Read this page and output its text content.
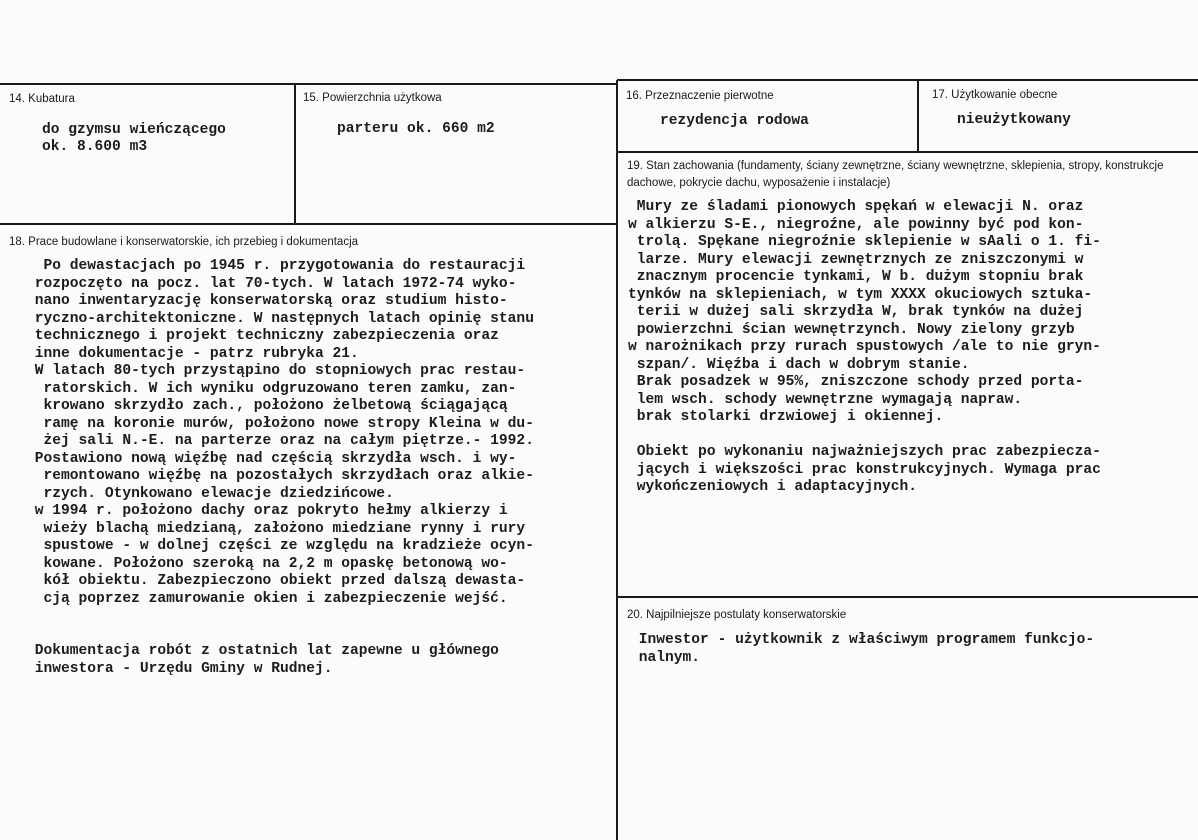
14. Kubatura
do gzymsu wieńczącego
ok. 8.600 m3
15. Powierzchnia użytkowa
parteru ok. 660 m2
16. Przeznaczenie pierwotne
rezydencja rodowa
17. Użytkowanie obecne
nieużytkowany
19. Stan zachowania (fundamenty, ściany zewnętrzne, ściany wewnętrzne, sklepienia, stropy, konstrukcje dachowe, pokrycie dachu, wyposażenie i instalacje)
Mury ze śladami pionowych spękań w elewacji N. oraz
w alkierzu S-E., niegroźne, ale powinny być pod kon-
trolą. Spękane niegroźnie sklepienie w sAali o 1. fi-
larze. Mury elewacji zewnętrznych ze zniszczonymi w
znacznym procencie tynkami, W b. dużym stopniu brak
tynków na sklepieniach, w tym XXXX okuciowych sztuka-
terii w dużej sali skrzydła W, brak tynków na dużej
powierzchni ścian wewnętrzynch. Nowy zielony grzyb
w narożnikach przy rurach spustowych /ale to nie gryn-
szpan/. Więźba i dach w dobrym stanie.
Brak posadzek w 95%, zniszczone schody przed porta-
lem wsch. schody wewnętrzne wymagają napraw.
brak stolarki drzwiowej i okiennej.
Obiekt po wykonaniu najważniejszych prac zabezpiecza-
jących i większości prac konstrukcyjnych. Wymaga prac
wykończeniowych i adaptacyjnych.
18. Prace budowlane i konserwatorskie, ich przebieg i dokumentacja
Po dewastacjach po 1945 r. przygotowania do restauracji
rozpoczęto na pocz. lat 70-tych. W latach 1972-74 wyko-
nano inwentaryzację konserwatorską oraz studium histo-
ryczno-architektoniczne. W następnych latach opinię stanu
technicznego i projekt techniczny zabezpieczenia oraz
inne dokumentacje - patrz rubryka 21.
W latach 80-tych przystąpino do stopniowych prac restau-
ratorskich. W ich wyniku odgruzowano teren zamku, zan-
krowano skrzydło zach., położono żelbetową ściągającą
ramę na koronie murów, położono nowe stropy Kleina w du-
żej sali N.-E. na parterze oraz na całym piętrze.- 1992.
Postawiono nową więźbę nad częścią skrzydła wsch. i wy-
remontowano więźbę na pozostałych skrzydłach oraz alkie-
rzych. Otynkowano elewacje dziedzińcowe.
w 1994 r. położono dachy oraz pokryto hełmy alkierzy i
wieży blachą miedzianą, założono miedziane rynny i rury
spustowe - w dolnej części ze względu na kradzieże ocyn-
kowane. Położono szeroką na 2,2 m opaskę betonową wo-
kół obiektu. Zabezpieczono obiekt przed dalszą dewasta-
cją poprzez zamurowanie okien i zabezpieczenie wejść.
Dokumentacja robót z ostatnich lat zapewne u głównego
inwestora - Urzędu Gminy w Rudnej.
20. Najpilniejsze postulaty konserwatorskie
Inwestor - użytkownik z właściwym programem funkcjo-
nalnym.
